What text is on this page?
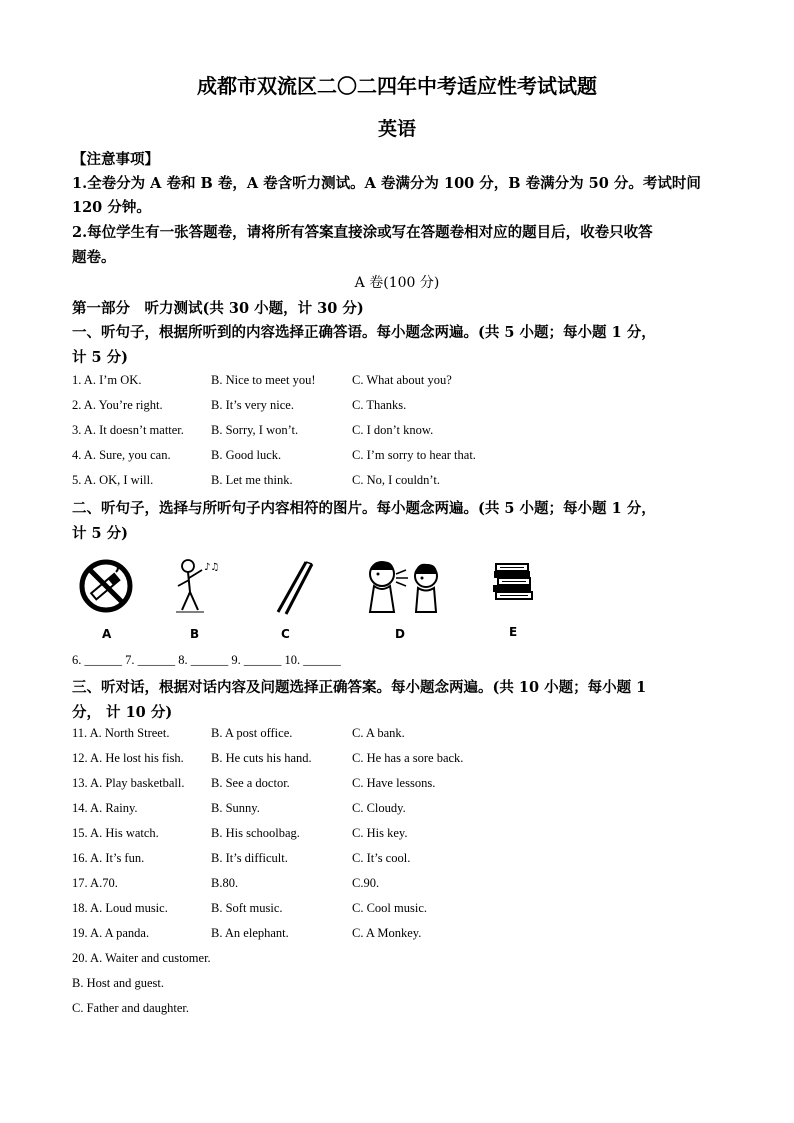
成都市双流区二〇二四年中考适应性考试试题
英语
【注意事项】
1.全卷分为 A 卷和 B 卷，A 卷含听力测试。A 卷满分为 100 分，B 卷满分为 50 分。考试时间
120 分钟。
2.每位学生有一张答题卷，请将所有答案直接涂或写在答题卷相对应的题目后，收卷只收答
题卷。
A 卷(100 分)
第一部分　听力测试(共 30 小题，计 30 分)
一、听句子，根据所听到的内容选择正确答语。每小题念两遍。(共 5 小题；每小题 1 分，
计 5 分)
1. A. I’m OK.	B. Nice to meet you!	C. What about you?
2. A. You’re right.	B. It’s very nice.	C. Thanks.
3. A. It doesn’t matter. B. Sorry, I won’t.	C. I don’t know.
4. A. Sure, you can.	B. Good luck.	C. I’m sorry to hear that.
5. A. OK, I will.	B. Let me think.	C. No, I couldn’t.
二、听句子，选择与所听句子内容相符的图片。每小题念两遍。(共 5 小题；每小题 1 分，
计 5 分)
♪♫
A	B	C	D	E
6. ______ 7. ______ 8. ______ 9. ______ 10. ______
三、听对话，根据对话内容及问题选择正确答案。每小题念两遍。(共 10 小题；每小题 1
分， 计 10 分)
11. A. North Street.	B. A post office.	C. A bank.
12. A. He lost his fish. B. He cuts his hand.	C. He has a sore back.
13. A. Play basketball. B. See a doctor.	C. Have lessons.
14. A. Rainy.	B. Sunny.	C. Cloudy.
15. A. His watch.	B. His schoolbag.	C. His key.
16. A. It’s fun.	B. It’s difficult.	C. It’s cool.
17. A.70.	B.80.	C.90.
18. A. Loud music.	B. Soft music.	C. Cool music.
19. A. A panda.	B. An elephant.	C. A Monkey.
20. A. Waiter and customer.
B. Host and guest.
C. Father and daughter.
